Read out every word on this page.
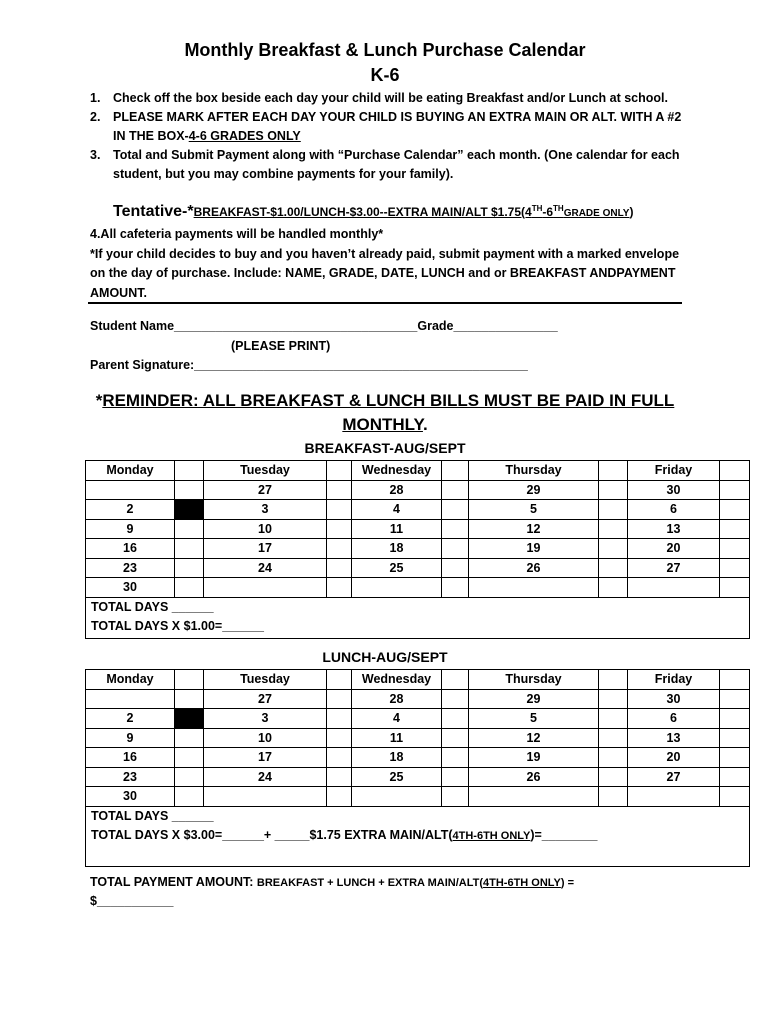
Monthly Breakfast & Lunch Purchase Calendar
K-6
1. Check off the box beside each day your child will be eating Breakfast and/or Lunch at school.
2. PLEASE MARK AFTER EACH DAY YOUR CHILD IS BUYING AN EXTRA MAIN OR ALT. WITH A #2 IN THE BOX-4-6 GRADES ONLY
3. Total and Submit Payment along with “Purchase Calendar” each month. (One calendar for each student, but you may combine payments for your family).
Tentative-*BREAKFAST-$1.00/LUNCH-$3.00--EXTRA MAIN/ALT $1.75(4TH-6THGRADE ONLY)
4.All cafeteria payments will be handled monthly*
*If your child decides to buy and you haven’t already paid, submit payment with a marked envelope on the day of purchase. Include: NAME, GRADE, DATE, LUNCH and or BREAKFAST ANDPAYMENT AMOUNT.
Student Name___________________________________Grade_______________
(PLEASE PRINT)
Parent Signature:________________________________________________
*REMINDER: ALL BREAKFAST & LUNCH BILLS MUST BE PAID IN FULL MONTHLY.
BREAKFAST-AUG/SEPT
Monday		Tuesday		Wednesday		Thursday		Friday	
		27		28		29		30	
2		3		4		5		6	
9		10		11		12		13	
16		17		18		19		20	
23		24		25		26		27	
30									

TOTAL DAYS ______
TOTAL DAYS X $1.00=______									
LUNCH-AUG/SEPT
Monday		Tuesday		Wednesday		Thursday		Friday	
		27		28		29		30	
2		3		4		5		6	
9		10		11		12		13	
16		17		18		19		20	
23		24		25		26		27	
30									

TOTAL DAYS ______
TOTAL DAYS X $3.00=______+ _____$1.75 EXTRA MAIN/ALT(4TH-6TH ONLY)=________									
TOTAL PAYMENT AMOUNT: BREAKFAST + LUNCH + EXTRA MAIN/ALT(4TH-6TH ONLY) =
$___________
